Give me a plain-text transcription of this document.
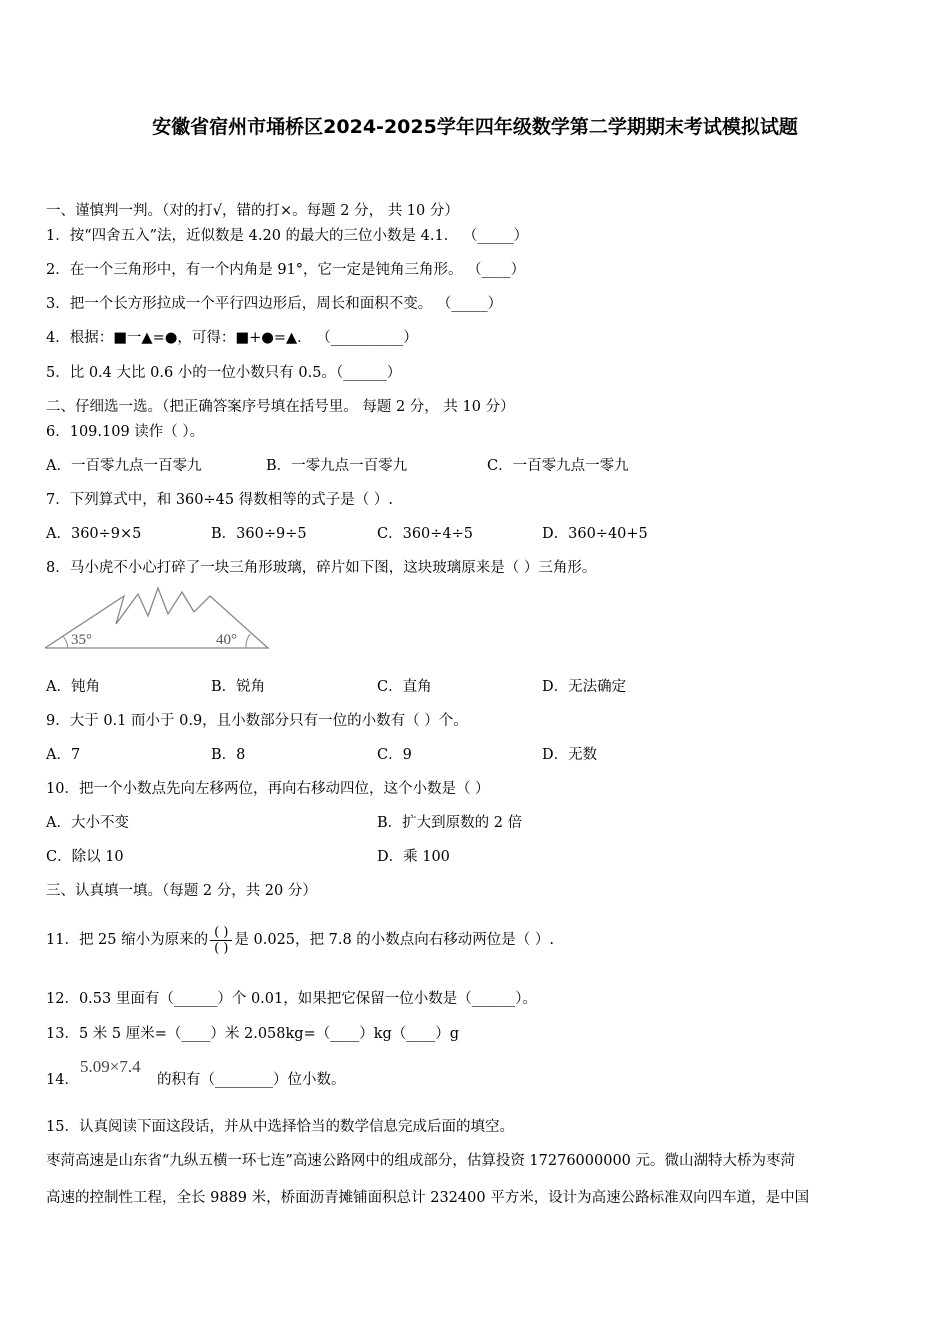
安徽省宿州市埇桥区2024-2025学年四年级数学第二学期期末考试模拟试题
一、谨慎判一判。（对的打√，错的打×。每题 2 分， 共 10 分）
1．按“四舍五入”法，近似数是 4.20 的最大的三位小数是 4.1． （_____）
2．在一个三角形中，有一个内角是 91°，它一定是钝角三角形。 （____）
3．把一个长方形拉成一个平行四边形后，周长和面积不变。 （_____）
4．根据：■一▲=●，可得：■+●=▲． （__________）
5．比 0.4 大比 0.6 小的一位小数只有 0.5。（______）
二、仔细选一选。（把正确答案序号填在括号里。 每题 2 分， 共 10 分）
6．109.109 读作（ ）。
A．一百零九点一百零九	B．一零九点一百零九	C．一百零九点一零九
7．下列算式中，和 360÷45 得数相等的式子是（ ）.
A．360÷9×5	B．360÷9÷5	C．360÷4÷5	D．360÷40+5
8．马小虎不小心打碎了一块三角形玻璃，碎片如下图，这块玻璃原来是（ ）三角形。
35°	40°
A．钝角	B．锐角	C．直角	D．无法确定
9．大于 0.1 而小于 0.9，且小数部分只有一位的小数有（ ）个。
A．7	B．8	C．9	D．无数
10．把一个小数点先向左移两位，再向右移动四位，这个小数是（ ）
A．大小不变	B．扩大到原数的 2 倍
C．除以 10	D．乘 100
三、认真填一填。（每题 2 分，共 20 分）
11．把 25 缩小为原来的 $\frac{( )}{( )}$ 是 0.025，把 7.8 的小数点向右移动两位是（ ）.
12．0.53 里面有（______）个 0.01，如果把它保留一位小数是（______）。
13．5 米 5 厘米=（____）米 2.058kg=（____）kg（____）g
14．
5.09×7.4
的积有（________）位小数。
15．认真阅读下面这段话，并从中选择恰当的数学信息完成后面的填空。
枣菏高速是山东省“九纵五横一环七连”高速公路网中的组成部分，估算投资 17276000000 元。微山湖特大桥为枣菏
高速的控制性工程，全长 9889 米，桥面沥青摊铺面积总计 232400 平方米，设计为高速公路标准双向四车道，是中国
